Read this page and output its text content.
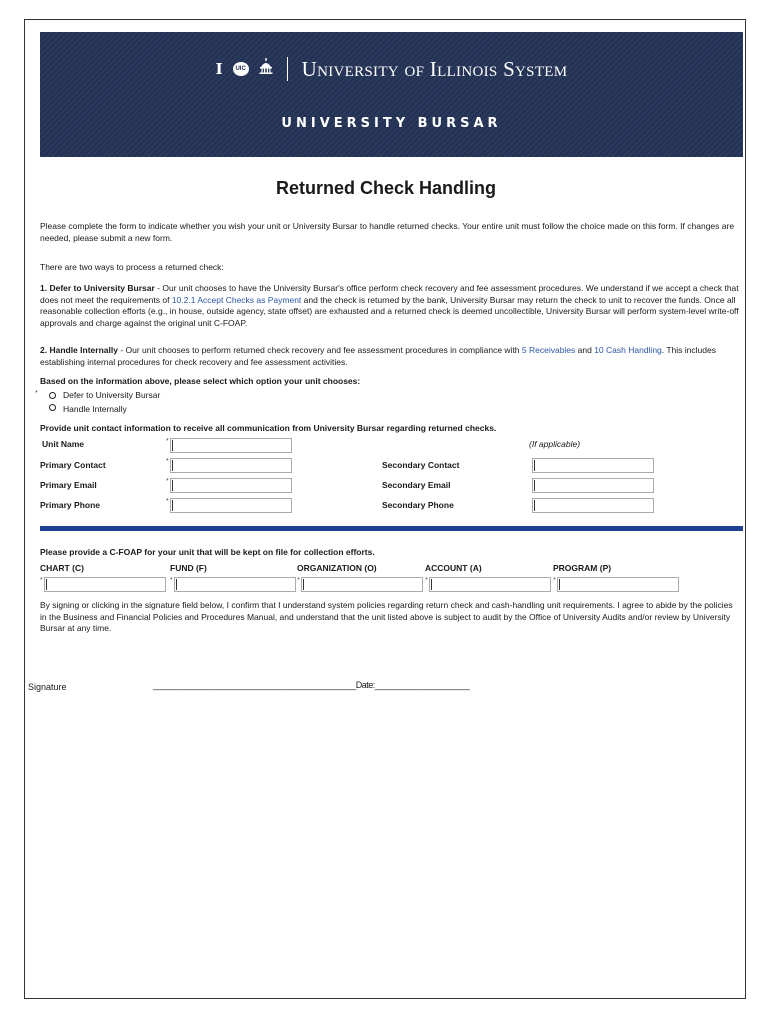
I	UIC	University of Illinois System
UNIVERSITY BURSAR
Returned Check Handling
Please complete the form to indicate whether you wish your unit or University Bursar to handle returned checks. Your entire unit must follow the choice made on this form. If changes are needed, please submit a new form.
There are two ways to process a returned check:
1. Defer to University Bursar - Our unit chooses to have the University Bursar's office perform check recovery and fee assessment procedures. We understand if we accept a check that does not meet the requirements of 10.2.1 Accept Checks as Payment and the check is returned by the bank, University Bursar may return the check to unit to recover the funds. Once all reasonable collection efforts (e.g., in house, outside agency, state offset) are exhausted and a returned check is deemed uncollectible, University Bursar will perform system-level write-off approvals and charge against the original unit C-FOAP.
2. Handle Internally - Our unit chooses to perform returned check recovery and fee assessment procedures in compliance with 5 Receivables and 10 Cash Handling. This includes establishing internal procedures for check recovery and fee assessment activities.
Based on the information above, please select which option your unit chooses:
*	Defer to University Bursar
Handle Internally
Provide unit contact information to receive all communication from University Bursar regarding returned checks.
Unit Name	*	(If applicable)
Primary Contact	*	Secondary Contact
Primary Email	*	Secondary Email
Primary Phone	*	Secondary Phone
Please provide a C-FOAP for your unit that will be kept on file for collection efforts.
CHART (C)	FUND (F)	ORGANIZATION (O)	ACCOUNT (A)	PROGRAM (P)
*	*	*	*	*
By signing or clicking in the signature field below, I confirm that I understand system policies regarding return check and cash-handling unit requirements. I agree to abide by the policies in the Business and Financial Policies and Procedures Manual, and understand that the unit listed above is subject to audit by the Office of University Audits and/or review by University Bursar at any time.
Signature	_____________________________________________Date:_____________________
